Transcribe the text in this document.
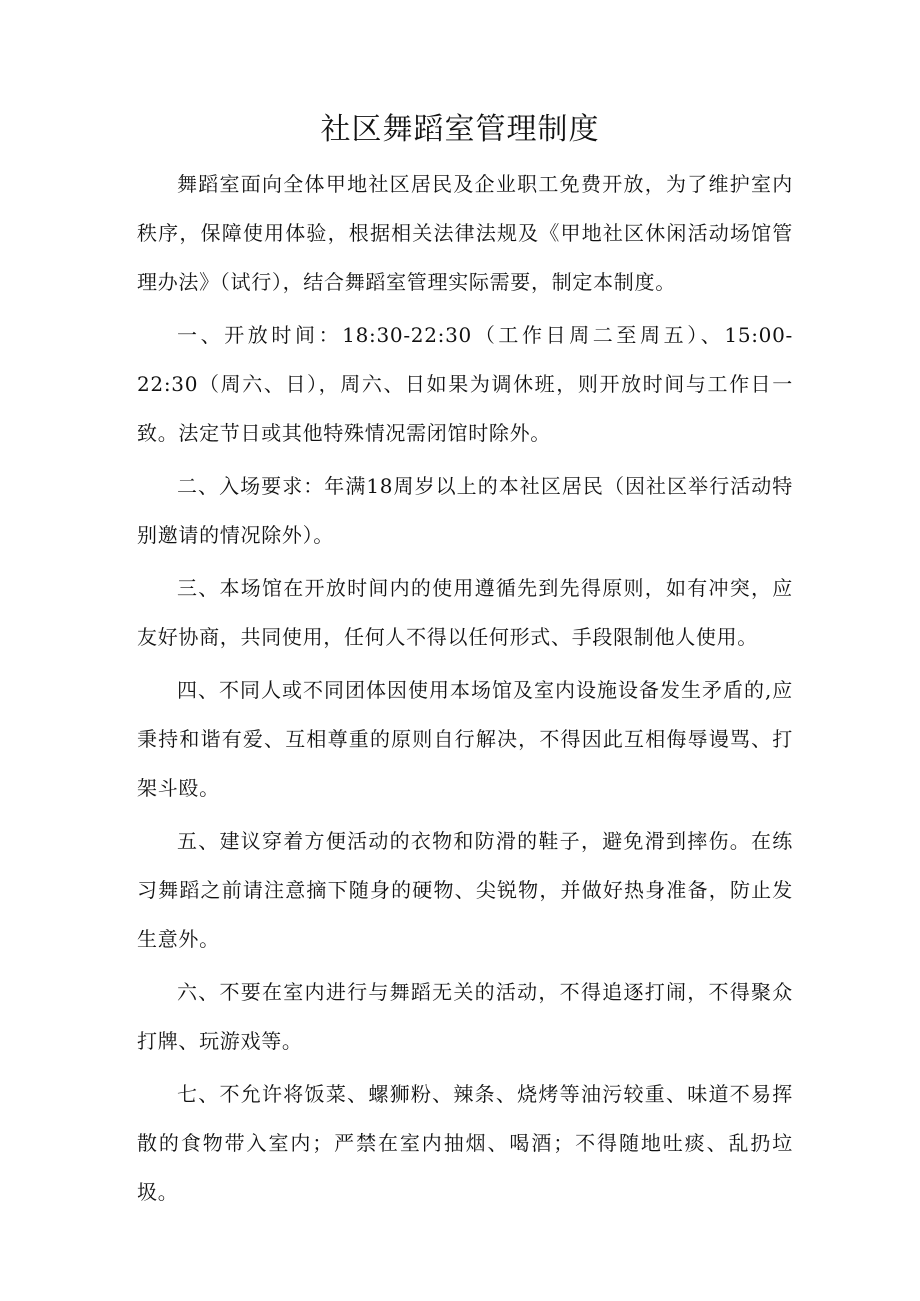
社区舞蹈室管理制度

舞蹈室面向全体甲地社区居民及企业职工免费开放，为了维护室内秩序，保障使用体验，根据相关法律法规及《甲地社区休闲活动场馆管理办法》（试行），结合舞蹈室管理实际需要，制定本制度。

一、开放时间：18:30-22:30（工作日周二至周五）、15:00-22:30（周六、日），周六、日如果为调休班，则开放时间与工作日一致。法定节日或其他特殊情况需闭馆时除外。

二、入场要求：年满18周岁以上的本社区居民（因社区举行活动特别邀请的情况除外）。

三、本场馆在开放时间内的使用遵循先到先得原则，如有冲突，应友好协商，共同使用，任何人不得以任何形式、手段限制他人使用。

四、不同人或不同团体因使用本场馆及室内设施设备发生矛盾的,应秉持和谐有爱、互相尊重的原则自行解决，不得因此互相侮辱谩骂、打架斗殴。

五、建议穿着方便活动的衣物和防滑的鞋子，避免滑到摔伤。在练习舞蹈之前请注意摘下随身的硬物、尖锐物，并做好热身准备，防止发生意外。

六、不要在室内进行与舞蹈无关的活动，不得追逐打闹，不得聚众打牌、玩游戏等。

七、不允许将饭菜、螺狮粉、辣条、烧烤等油污较重、味道不易挥散的食物带入室内；严禁在室内抽烟、喝酒；不得随地吐痰、乱扔垃圾。
